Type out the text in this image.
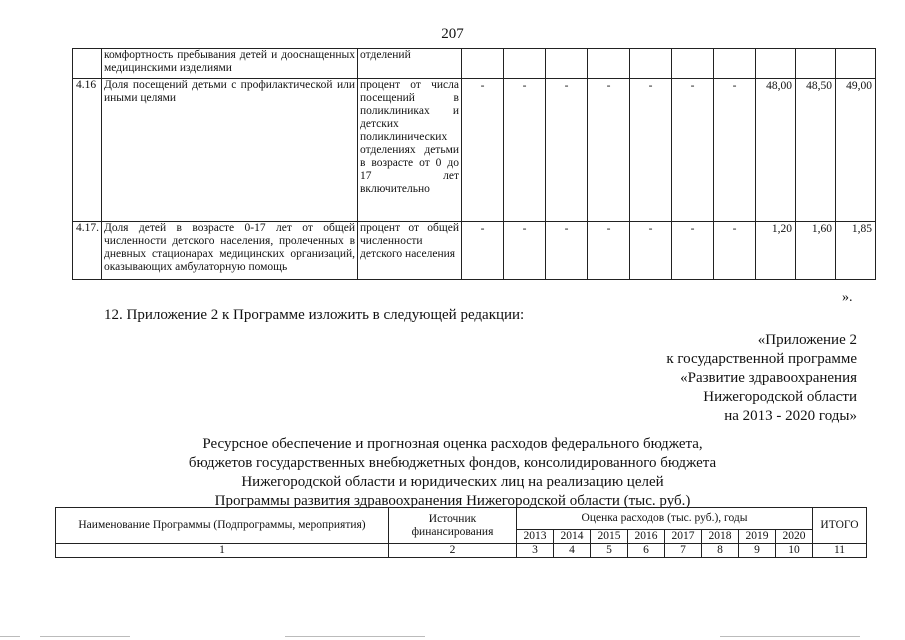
207
	комфортность пребывания детей и дооснащенных медицинскими изделиями	отделений										
4.16	Доля посещений детьми с профилактической или иными целями	процент от числа посещений в поликлиниках и детских поликлинических отделениях детьми в возрасте от 0 до 17 лет включительно	-	-	-	-	-	-	-	48,00	48,50	49,00
4.17.	Доля детей в возрасте 0-17 лет от общей численности детского населения, пролеченных в дневных стационарах медицинских организаций, оказывающих амбулаторную помощь	процент от общей численности детского населения	-	-	-	-	-	-	-	1,20	1,60	1,85
».
12. Приложение 2 к Программе изложить в следующей редакции:
«Приложение 2
к государственной программе
«Развитие здравоохранения
Нижегородской области
на 2013 - 2020 годы»
Ресурсное обеспечение и прогнозная оценка расходов федерального бюджета,
бюджетов государственных внебюджетных фондов, консолидированного бюджета
Нижегородской области и юридических лиц на реализацию целей
Программы развития здравоохранения Нижегородской области (тыс. руб.)
Наименование Программы (Подпрограммы, мероприятия)	Источник финансирования	Оценка расходов (тыс. руб.), годы								ИТОГО
		2013	2014	2015	2016	2017	2018	2019	2020	
1	2	3	4	5	6	7	8	9	10	11
